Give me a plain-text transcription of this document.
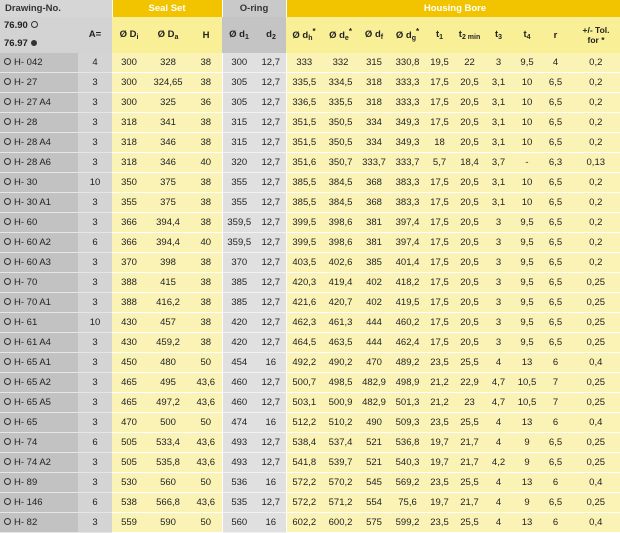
Drawing-No.		Seal Set			O-ring		Housing Bore									
76.90
76.97	A=	Ø $D_i$	Ø $D_a$	H	Ø $d_1$	$d_2$	Ø $d_h^*$	Ø $d_e^*$	Ø $d_f$	Ø $d_g^*$	$t_1$	$t_{2 min}$	$t_3$	$t_4$	r	+/- Tol.
for *
H- 042	4	300	328	38	300	12,7	333	332	315	330,8	19,5	22	3	9,5	4	0,2
H- 27	3	300	324,65	38	305	12,7	335,5	334,5	318	333,3	17,5	20,5	3,1	10	6,5	0,2
H- 27 A4	3	300	325	36	305	12,7	336,5	335,5	318	333,3	17,5	20,5	3,1	10	6,5	0,2
H- 28	3	318	341	38	315	12,7	351,5	350,5	334	349,3	17,5	20,5	3,1	10	6,5	0,2
H- 28 A4	3	318	346	38	315	12,7	351,5	350,5	334	349,3	18	20,5	3,1	10	6,5	0,2
H- 28 A6	3	318	346	40	320	12,7	351,6	350,7	333,7	333,7	5,7	18,4	3,7	-	6,3	0,13
H- 30	10	350	375	38	355	12,7	385,5	384,5	368	383,3	17,5	20,5	3,1	10	6,5	0,2
H- 30 A1	3	355	375	38	355	12,7	385,5	384,5	368	383,3	17,5	20,5	3,1	10	6,5	0,2
H- 60	3	366	394,4	38	359,5	12,7	399,5	398,6	381	397,4	17,5	20,5	3	9,5	6,5	0,2
H- 60 A2	6	366	394,4	40	359,5	12,7	399,5	398,6	381	397,4	17,5	20,5	3	9,5	6,5	0,2
H- 60 A3	3	370	398	38	370	12,7	403,5	402,6	385	401,4	17,5	20,5	3	9,5	6,5	0,2
H- 70	3	388	415	38	385	12,7	420,3	419,4	402	418,2	17,5	20,5	3	9,5	6,5	0,25
H- 70 A1	3	388	416,2	38	385	12,7	421,6	420,7	402	419,5	17,5	20,5	3	9,5	6,5	0,25
H- 61	10	430	457	38	420	12,7	462,3	461,3	444	460,2	17,5	20,5	3	9,5	6,5	0,25
H- 61 A4	3	430	459,2	38	420	12,7	464,5	463,5	444	462,4	17,5	20,5	3	9,5	6,5	0,25
H- 65 A1	3	450	480	50	454	16	492,2	490,2	470	489,2	23,5	25,5	4	13	6	0,4
H- 65 A2	3	465	495	43,6	460	12,7	500,7	498,5	482,9	498,9	21,2	22,9	4,7	10,5	7	0,25
H- 65 A5	3	465	497,2	43,6	460	12,7	503,1	500,9	482,9	501,3	21,2	23	4,7	10,5	7	0,25
H- 65	3	470	500	50	474	16	512,2	510,2	490	509,3	23,5	25,5	4	13	6	0,4
H- 74	6	505	533,4	43,6	493	12,7	538,4	537,4	521	536,8	19,7	21,7	4	9	6,5	0,25
H- 74 A2	3	505	535,8	43,6	493	12,7	541,8	539,7	521	540,3	19,7	21,7	4,2	9	6,5	0,25
H- 89	3	530	560	50	536	16	572,2	570,2	545	569,2	23,5	25,5	4	13	6	0,4
H- 146	6	538	566,8	43,6	535	12,7	572,2	571,2	554	75,6	19,7	21,7	4	9	6,5	0,25
H- 82	3	559	590	50	560	16	602,2	600,2	575	599,2	23,5	25,5	4	13	6	0,4
